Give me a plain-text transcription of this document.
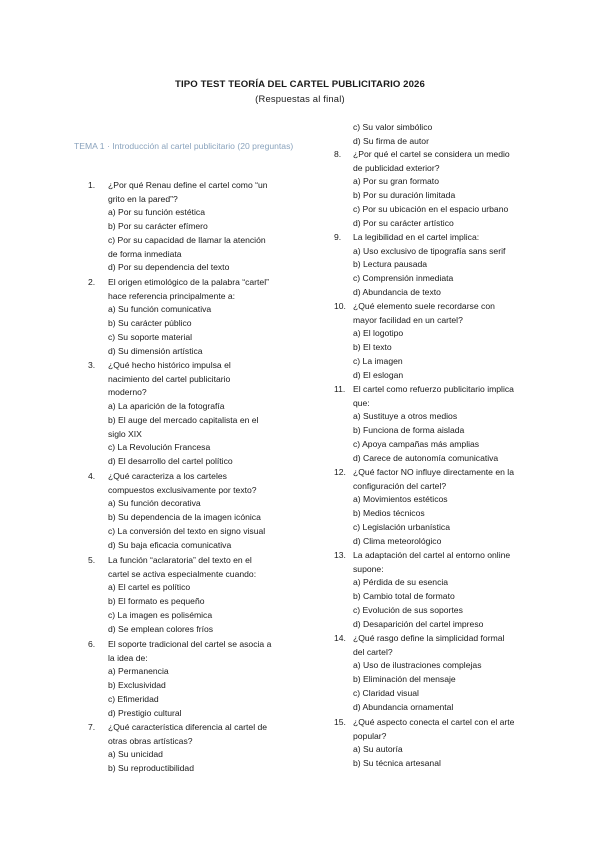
TIPO TEST TEORÍA DEL CARTEL PUBLICITARIO 2026
(Respuestas al final)
TEMA 1 · Introducción al cartel publicitario (20 preguntas)
c) Su valor simbólico
d) Su firma de autor
1.	¿Por qué Renau define el cartel como “un
grito en la pared”?
a) Por su función estética
b) Por su carácter efímero
c) Por su capacidad de llamar la atención
de forma inmediata
d) Por su dependencia del texto
2.	El origen etimológico de la palabra “cartel”
hace referencia principalmente a:
a) Su función comunicativa
b) Su carácter público
c) Su soporte material
d) Su dimensión artística
3.	¿Qué hecho histórico impulsa el
nacimiento del cartel publicitario
moderno?
a) La aparición de la fotografía
b) El auge del mercado capitalista en el
siglo XIX
c) La Revolución Francesa
d) El desarrollo del cartel político
4.	¿Qué caracteriza a los carteles
compuestos exclusivamente por texto?
a) Su función decorativa
b) Su dependencia de la imagen icónica
c) La conversión del texto en signo visual
d) Su baja eficacia comunicativa
5.	La función “aclaratoria” del texto en el
cartel se activa especialmente cuando:
a) El cartel es político
b) El formato es pequeño
c) La imagen es polisémica
d) Se emplean colores fríos
6.	El soporte tradicional del cartel se asocia a
la idea de:
a) Permanencia
b) Exclusividad
c) Efimeridad
d) Prestigio cultural
7.	¿Qué característica diferencia al cartel de
otras obras artísticas?
a) Su unicidad
b) Su reproductibilidad
8.	¿Por qué el cartel se considera un medio
de publicidad exterior?
a) Por su gran formato
b) Por su duración limitada
c) Por su ubicación en el espacio urbano
d) Por su carácter artístico
9.	La legibilidad en el cartel implica:
a) Uso exclusivo de tipografía sans serif
b) Lectura pausada
c) Comprensión inmediata
d) Abundancia de texto
10. ¿Qué elemento suele recordarse con
mayor facilidad en un cartel?
a) El logotipo
b) El texto
c) La imagen
d) El eslogan
11. El cartel como refuerzo publicitario implica
que:
a) Sustituye a otros medios
b) Funciona de forma aislada
c) Apoya campañas más amplias
d) Carece de autonomía comunicativa
12. ¿Qué factor NO influye directamente en la
configuración del cartel?
a) Movimientos estéticos
b) Medios técnicos
c) Legislación urbanística
d) Clima meteorológico
13. La adaptación del cartel al entorno online
supone:
a) Pérdida de su esencia
b) Cambio total de formato
c) Evolución de sus soportes
d) Desaparición del cartel impreso
14. ¿Qué rasgo define la simplicidad formal
del cartel?
a) Uso de ilustraciones complejas
b) Eliminación del mensaje
c) Claridad visual
d) Abundancia ornamental
15. ¿Qué aspecto conecta el cartel con el arte
popular?
a) Su autoría
b) Su técnica artesanal
